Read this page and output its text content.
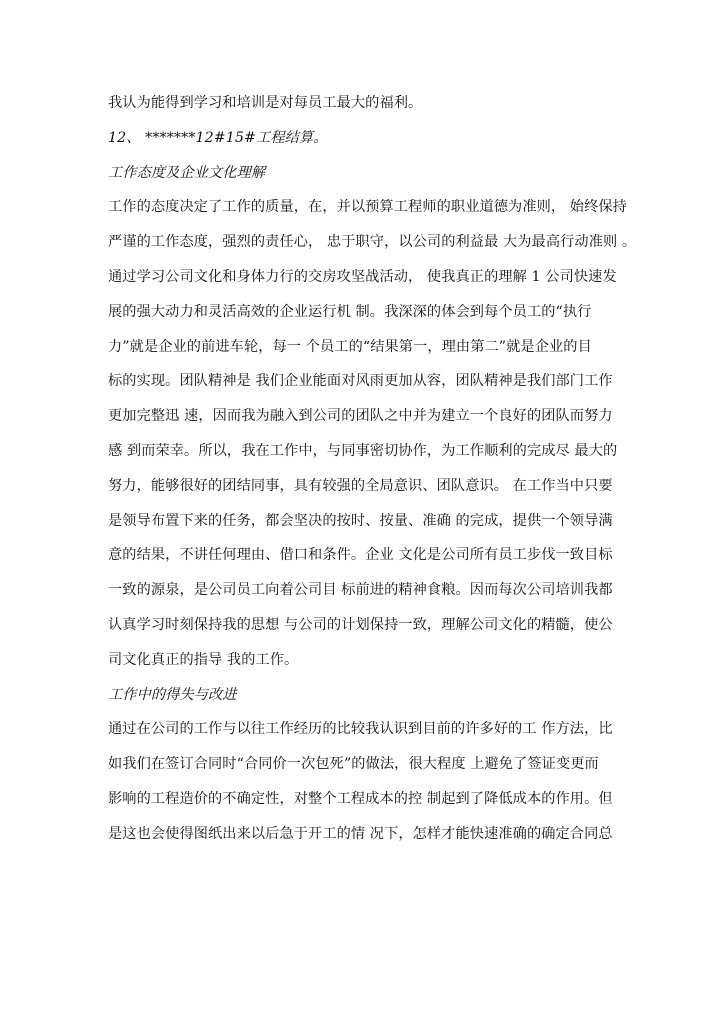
我认为能得到学习和培训是对每员工最大的福利。
12、 *******12#15#工程结算。
工作态度及企业文化理解
工作的态度决定了工作的质量，在，并以预算工程师的职业道德为准则， 始终保持
严谨的工作态度，强烈的责任心， 忠于职守，以公司的利益最 大为最高行动准则 。
通过学习公司文化和身体力行的交房攻坚战活动， 使我真正的理解 1 公司快速发
展的强大动力和灵活高效的企业运行机 制。我深深的体会到每个员工的“执行
力”就是企业的前进车轮，每一 个员工的“结果第一，理由第二”就是企业的目
标的实现。团队精神是 我们企业能面对风雨更加从容，团队精神是我们部门工作
更加完整迅 速，因而我为融入到公司的团队之中并为建立一个良好的团队而努力
感 到而荣幸。所以，我在工作中，与同事密切协作，为工作顺利的完成尽 最大的
努力，能够很好的团结同事，具有较强的全局意识、团队意识。 在工作当中只要
是领导布置下来的任务，都会坚决的按时、按量、准确 的完成，提供一个领导满
意的结果，不讲任何理由、借口和条件。企业 文化是公司所有员工步伐一致目标
一致的源泉，是公司员工向着公司目 标前进的精神食粮。因而每次公司培训我都
认真学习时刻保持我的思想 与公司的计划保持一致，理解公司文化的精髓，使公
司文化真正的指导 我的工作。
工作中的得失与改进
通过在公司的工作与以往工作经历的比较我认识到目前的许多好的工 作方法，比
如我们在签订合同时“合同价一次包死”的做法，很大程度 上避免了签证变更而
影响的工程造价的不确定性，对整个工程成本的控 制起到了降低成本的作用。但
是这也会使得图纸出来以后急于开工的情 况下，怎样才能快速准确的确定合同总
